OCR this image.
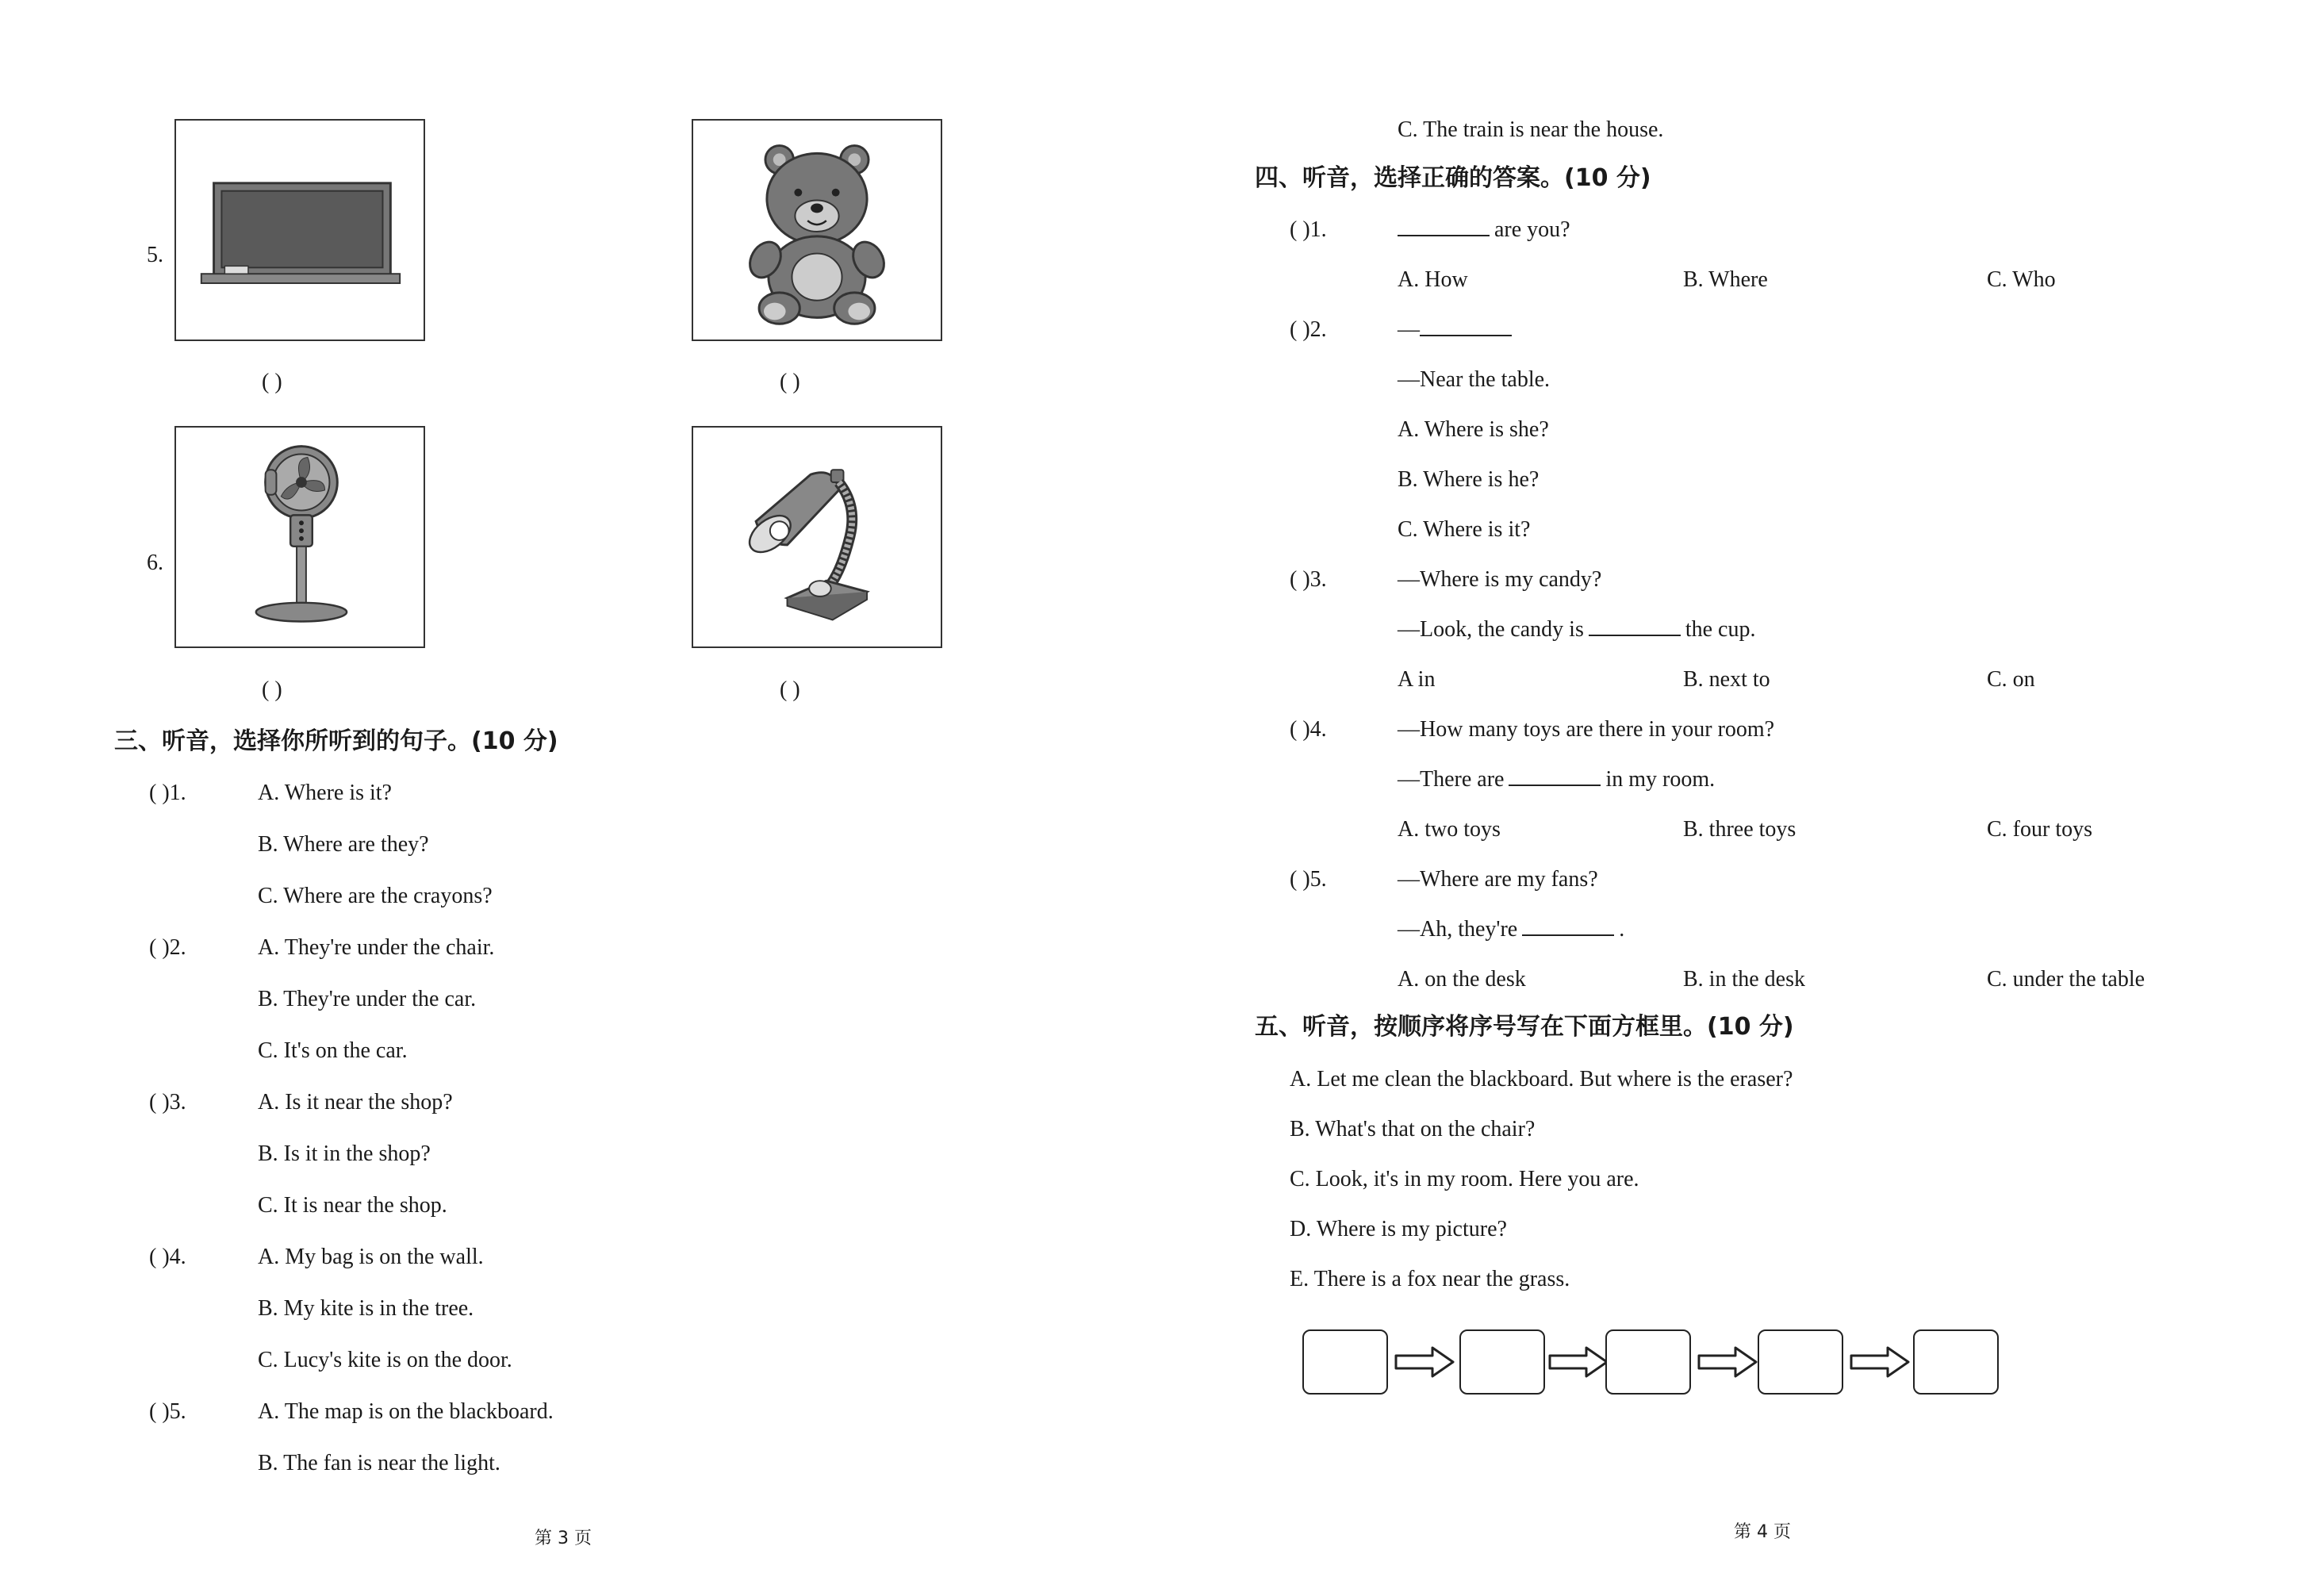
5.
( )	( )
6.
( )	( )
三、听音，选择你所听到的句子。(10 分)
( )1.	A. Where is it?
B. Where are they?
C. Where are the crayons?
( )2.	A. They're under the chair.
B. They're under the car.
C. It's on the car.
( )3.	A. Is it near the shop?
B. Is it in the shop?
C. It is near the shop.
( )4.	A. My bag is on the wall.
B. My kite is in the tree.
C. Lucy's kite is on the door.
( )5.	A. The map is on the blackboard.
B. The fan is near the light.
第 3 页
C. The train is near the house.
四、听音，选择正确的答案。(10 分)
( )1.	are you?
A. How	B. Where	C. Who
( )2.	—
—Near the table.
A. Where is she?
B. Where is he?
C. Where is it?
( )3.	—Where is my candy?
—Look, the candy is	the cup.
A in	B. next to	C. on
( )4.	—How many toys are there in your room?
—There are	in my room.
A. two toys	B. three toys	C. four toys
( )5.	—Where are my fans?
—Ah, they're	.
A. on the desk	B. in the desk	C. under the table
五、听音，按顺序将序号写在下面方框里。(10 分)
A. Let me clean the blackboard. But where is the eraser?
B. What's that on the chair?
C. Look, it's in my room. Here you are.
D. Where is my picture?
E. There is a fox near the grass.
第 4 页
